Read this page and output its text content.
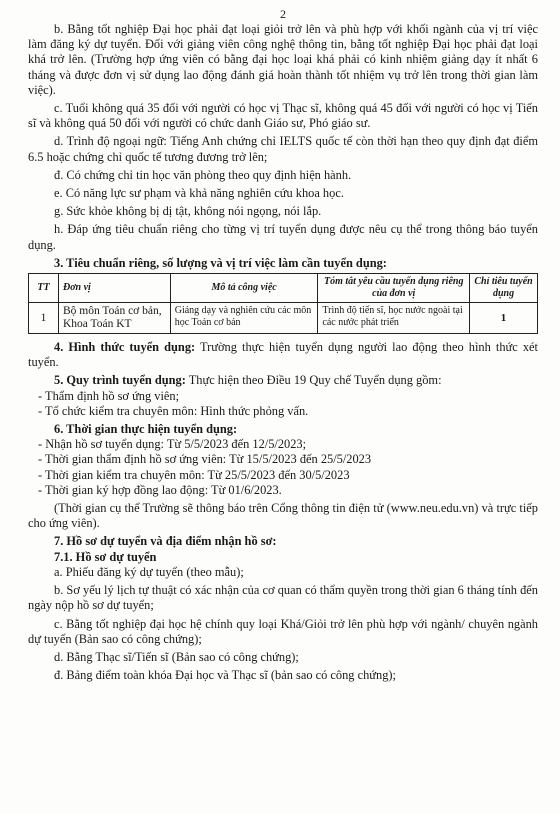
2

b. Bằng tốt nghiệp Đại học phải đạt loại giỏi trở lên và phù hợp với khối ngành của vị trí việc làm đăng ký dự tuyển. Đối với giảng viên công nghệ thông tin, bằng tốt nghiệp Đại học phải đạt loại khá trở lên. (Trường hợp ứng viên có bằng đại học loại khá phải có kinh nhiệm giảng dạy ít nhất 6 tháng và được đơn vị sử dụng lao động đánh giá hoàn thành tốt nhiệm vụ trở lên trong thời gian làm việc).

c. Tuổi không quá 35 đối với người có học vị Thạc sĩ, không quá 45 đối với người có học vị Tiến sĩ và không quá 50 đối với người có chức danh Giáo sư, Phó giáo sư.

d. Trình độ ngoại ngữ: Tiếng Anh chứng chỉ IELTS quốc tế còn thời hạn theo quy định đạt điểm 6.5 hoặc chứng chỉ quốc tế tương đương trở lên;

đ. Có chứng chỉ tin học văn phòng theo quy định hiện hành.

e. Có năng lực sư phạm và khả năng nghiên cứu khoa học.

g. Sức khỏe không bị dị tật, không nói ngọng, nói lắp.

h. Đáp ứng tiêu chuẩn riêng cho từng vị trí tuyển dụng được nêu cụ thể trong thông báo tuyển dụng.

3. Tiêu chuẩn riêng, số lượng và vị trí việc làm cần tuyển dụng:

TT	Đơn vị	Mô tả công việc	Tóm tắt yêu cầu tuyển dụng riêng của đơn vị	Chỉ tiêu tuyển dụng
1	Bộ môn Toán cơ bản, Khoa Toán KT	Giảng dạy và nghiên cứu các môn học Toán cơ bản	Trình độ tiến sĩ, học nước ngoài tại các nước phát triển	1

4. Hình thức tuyển dụng: Trường thực hiện tuyển dụng người lao động theo hình thức xét tuyển.

5. Quy trình tuyển dụng: Thực hiện theo Điều 19 Quy chế Tuyển dụng gồm:

- Thẩm định hồ sơ ứng viên;

- Tổ chức kiểm tra chuyên môn: Hình thức phỏng vấn.

6. Thời gian thực hiện tuyển dụng:

- Nhận hồ sơ tuyển dụng: Từ 5/5/2023 đến 12/5/2023;

- Thời gian thẩm định hồ sơ ứng viên: Từ 15/5/2023 đến 25/5/2023

- Thời gian kiểm tra chuyên môn: Từ 25/5/2023 đến 30/5/2023

- Thời gian ký hợp đồng lao động: Từ 01/6/2023.

(Thời gian cụ thể Trường sẽ thông báo trên Cổng thông tin điện tử (www.neu.edu.vn) và trực tiếp cho ứng viên).

7. Hồ sơ dự tuyển và địa điểm nhận hồ sơ:

7.1. Hồ sơ dự tuyển

a. Phiếu đăng ký dự tuyển (theo mẫu);

b. Sơ yếu lý lịch tự thuật có xác nhận của cơ quan có thẩm quyền trong thời gian 6 tháng tính đến ngày nộp hồ sơ dự tuyển;

c. Bằng tốt nghiệp đại học hệ chính quy loại Khá/Giỏi trở lên phù hợp với ngành/ chuyên ngành dự tuyển (Bản sao có công chứng);

d. Bằng Thạc sĩ/Tiến sĩ (Bản sao có công chứng);

đ. Bảng điểm toàn khóa Đại học và Thạc sĩ (bản sao có công chứng);
